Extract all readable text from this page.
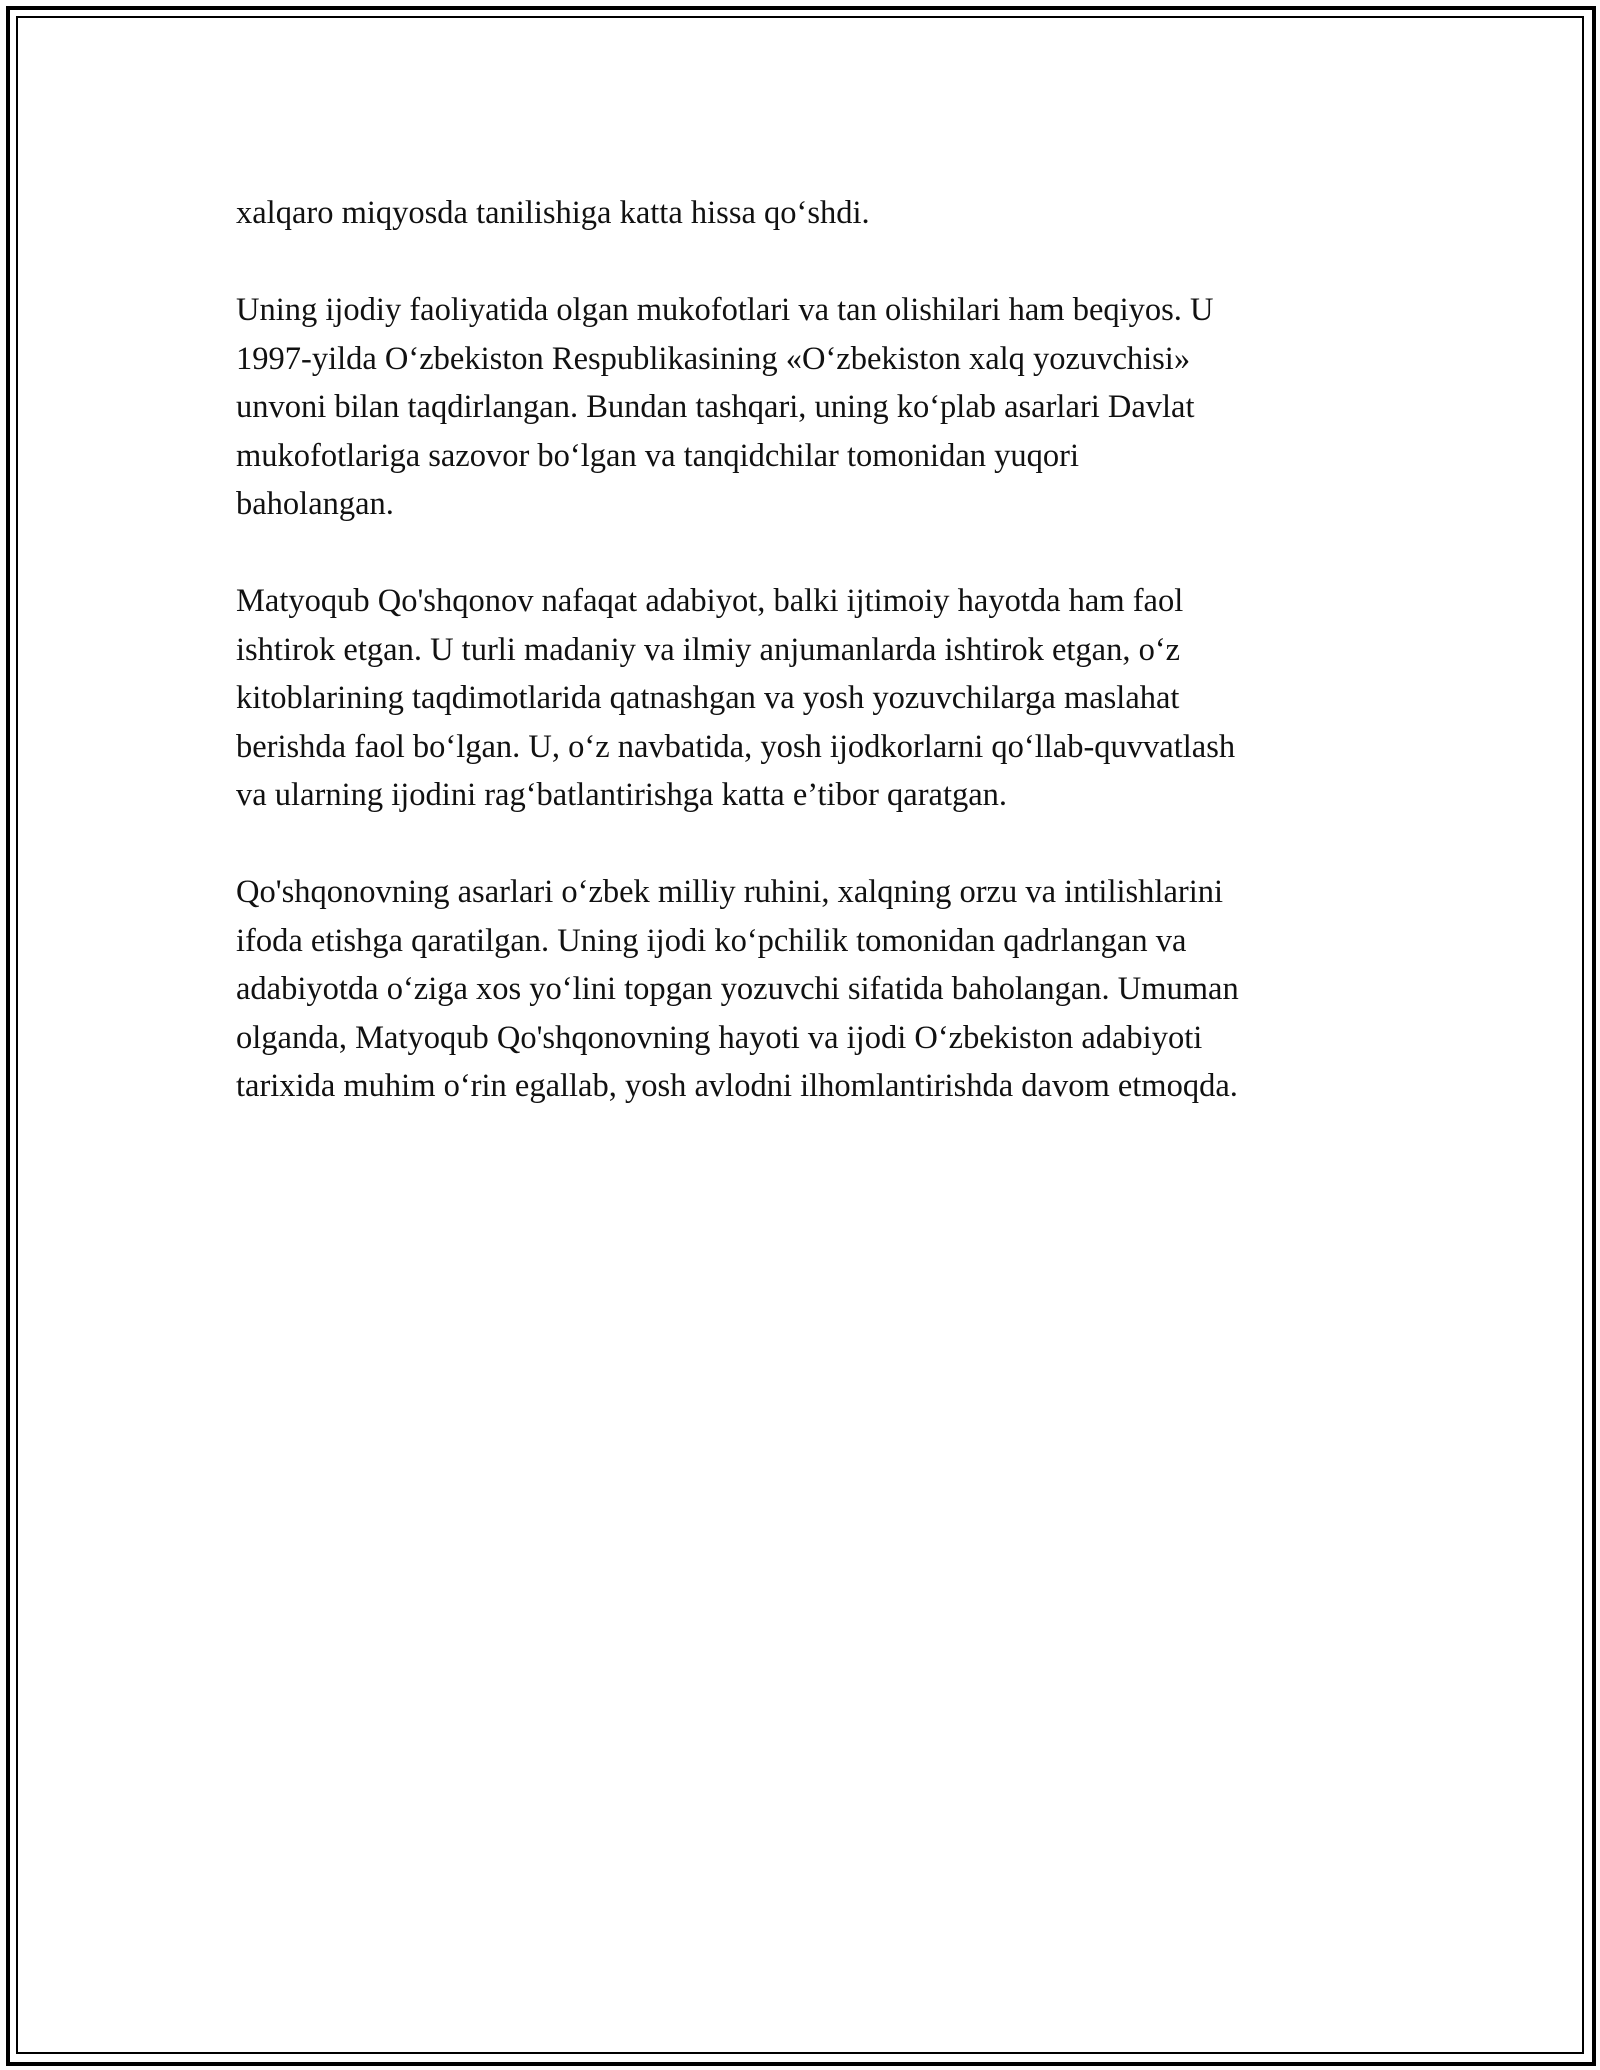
xalqaro miqyosda tanilishiga katta hissa qo‘shdi.

Uning ijodiy faoliyatida olgan mukofotlari va tan olishilari ham beqiyos. U
1997-yilda O‘zbekiston Respublikasining «O‘zbekiston xalq yozuvchisi»
unvoni bilan taqdirlangan. Bundan tashqari, uning ko‘plab asarlari Davlat
mukofotlariga sazovor bo‘lgan va tanqidchilar tomonidan yuqori
baholangan.

Matyoqub Qo'shqonov nafaqat adabiyot, balki ijtimoiy hayotda ham faol
ishtirok etgan. U turli madaniy va ilmiy anjumanlarda ishtirok etgan, o‘z
kitoblarining taqdimotlarida qatnashgan va yosh yozuvchilarga maslahat
berishda faol bo‘lgan. U, o‘z navbatida, yosh ijodkorlarni qo‘llab-quvvatlash
va ularning ijodini rag‘batlantirishga katta e’tibor qaratgan.

Qo'shqonovning asarlari o‘zbek milliy ruhini, xalqning orzu va intilishlarini
ifoda etishga qaratilgan. Uning ijodi ko‘pchilik tomonidan qadrlangan va
adabiyotda o‘ziga xos yo‘lini topgan yozuvchi sifatida baholangan. Umuman
olganda, Matyoqub Qo'shqonovning hayoti va ijodi O‘zbekiston adabiyoti
tarixida muhim o‘rin egallab, yosh avlodni ilhomlantirishda davom etmoqda.
